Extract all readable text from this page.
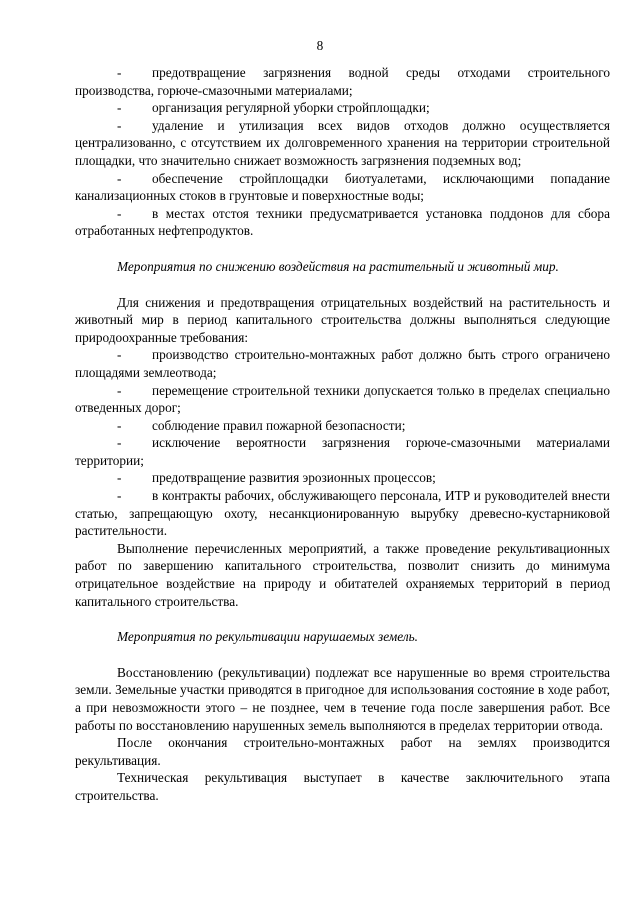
8

- предотвращение загрязнения водной среды отходами строительного производства, горюче-смазочными материалами;

- организация регулярной уборки стройплощадки;

- удаление и утилизация всех видов отходов должно осуществляется централизованно, с отсутствием их долговременного хранения на территории строительной площадки, что значительно снижает возможность загрязнения подземных вод;

- обеспечение стройплощадки биотуалетами, исключающими попадание канализационных стоков в грунтовые и поверхностные воды;

- в местах отстоя техники предусматривается установка поддонов для сбора отработанных нефтепродуктов.

Мероприятия по снижению воздействия на растительный и животный мир.

Для снижения и предотвращения отрицательных воздействий на растительность и животный мир в период капитального строительства должны выполняться следующие природоохранные требования:

- производство строительно-монтажных работ должно быть строго ограничено площадями землеотвода;

- перемещение строительной техники допускается только в пределах специально отведенных дорог;

- соблюдение правил пожарной безопасности;

- исключение вероятности загрязнения горюче-смазочными материалами территории;

- предотвращение развития эрозионных процессов;

- в контракты рабочих, обслуживающего персонала, ИТР и руководителей внести статью, запрещающую охоту, несанкционированную вырубку древесно-кустарниковой растительности.

Выполнение перечисленных мероприятий, а также проведение рекультивационных работ по завершению капитального строительства, позволит снизить до минимума отрицательное воздействие на природу и обитателей охраняемых территорий в период капитального строительства.

Мероприятия по рекультивации нарушаемых земель.

Восстановлению (рекультивации) подлежат все нарушенные во время строительства земли. Земельные участки приводятся в пригодное для использования состояние в ходе работ, а при невозможности этого – не позднее, чем в течение года после завершения работ. Все работы по восстановлению нарушенных земель выполняются в пределах территории отвода.

После окончания строительно-монтажных работ на землях производится рекультивация.

Техническая рекультивация выступает в качестве заключительного этапа строительства.
